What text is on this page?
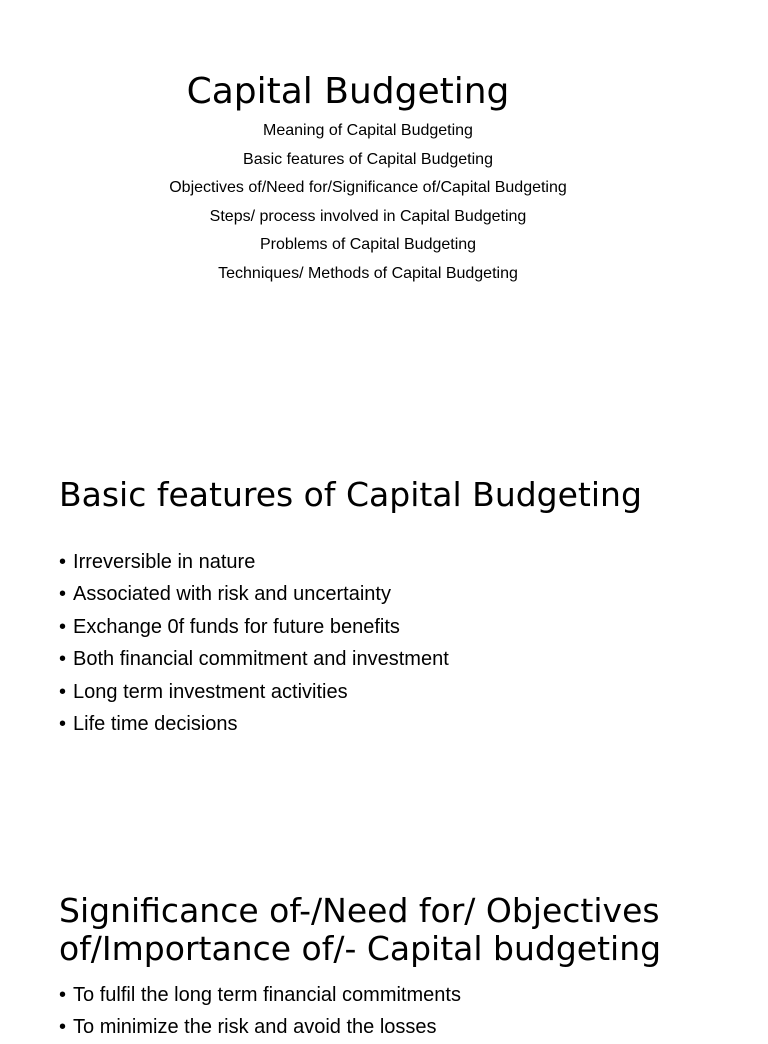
Capital Budgeting
Meaning of Capital Budgeting
Basic features of Capital Budgeting
Objectives of/Need for/Significance of/Capital Budgeting
Steps/ process involved in Capital Budgeting
Problems of Capital Budgeting
Techniques/ Methods of Capital Budgeting
Basic features of Capital Budgeting
• Irreversible in nature
• Associated with risk and uncertainty
• Exchange 0f funds for future benefits
• Both financial commitment and investment
• Long term investment activities
• Life time decisions
Significance of-/Need for/ Objectives
of/Importance of/- Capital budgeting
• To fulfil the long term financial commitments
• To minimize the risk and avoid the losses
